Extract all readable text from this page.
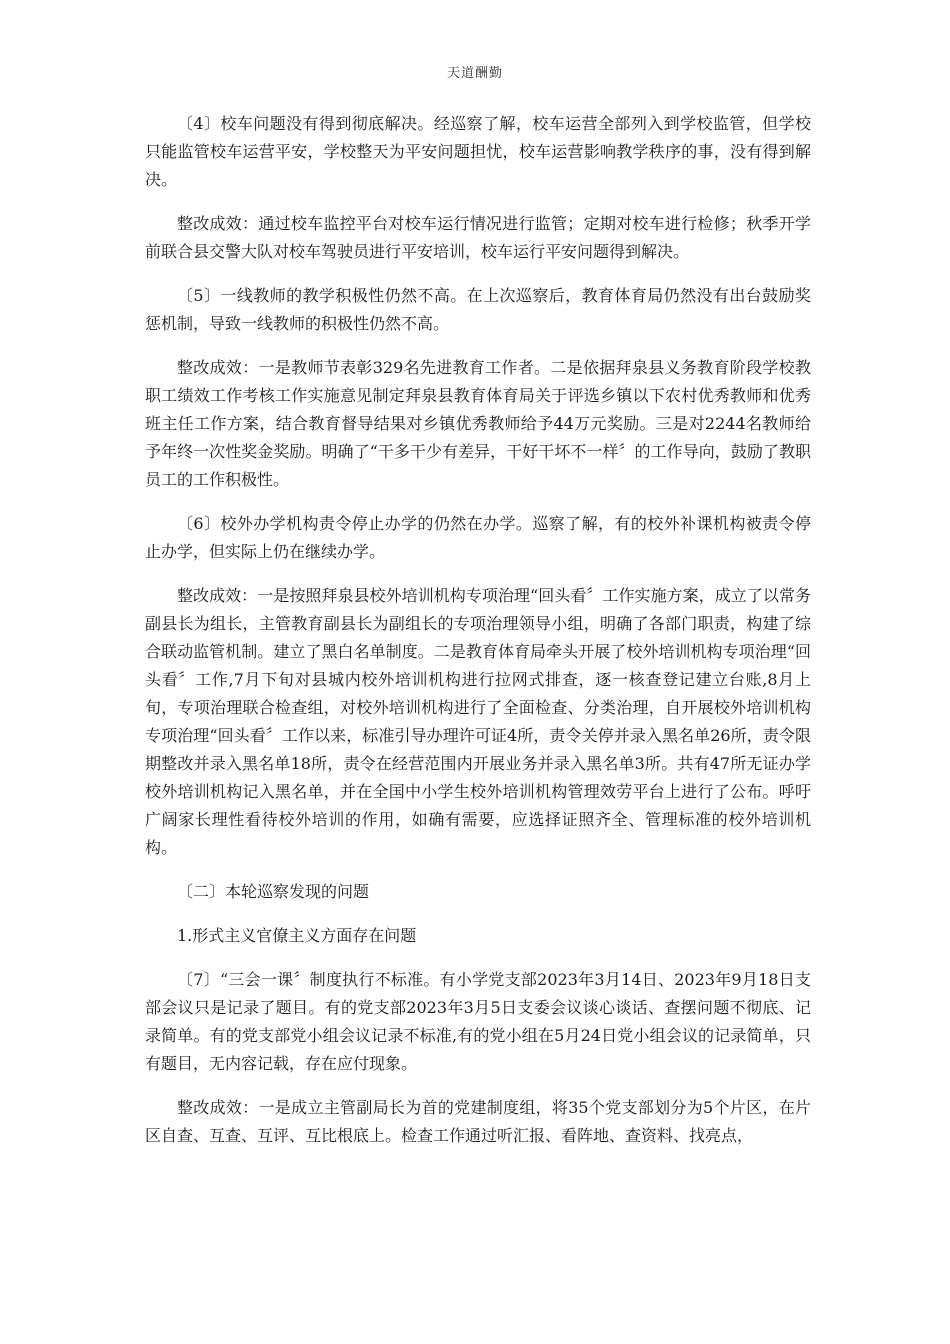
天道酬勤

〔4〕校车问题没有得到彻底解决。经巡察了解，校车运营全部列入到学校监管，但学校只能监管校车运营平安，学校整天为平安问题担忧，校车运营影响教学秩序的事，没有得到解决。

整改成效：通过校车监控平台对校车运行情况进行监管；定期对校车进行检修；秋季开学前联合县交警大队对校车驾驶员进行平安培训，校车运行平安问题得到解决。

〔5〕一线教师的教学积极性仍然不高。在上次巡察后，教育体育局仍然没有出台鼓励奖惩机制，导致一线教师的积极性仍然不高。

整改成效：一是教师节表彰329名先进教育工作者。二是依据拜泉县义务教育阶段学校教职工绩效工作考核工作实施意见制定拜泉县教育体育局关于评选乡镇以下农村优秀教师和优秀班主任工作方案，结合教育督导结果对乡镇优秀教师给予44万元奖励。三是对2244名教师给予年终一次性奖金奖励。明确了“干多干少有差异，干好干坏不一样〞的工作导向，鼓励了教职员工的工作积极性。

〔6〕校外办学机构责令停止办学的仍然在办学。巡察了解，有的校外补课机构被责令停止办学，但实际上仍在继续办学。

整改成效：一是按照拜泉县校外培训机构专项治理“回头看〞工作实施方案，成立了以常务副县长为组长，主管教育副县长为副组长的专项治理领导小组，明确了各部门职责，构建了综合联动监管机制。建立了黑白名单制度。二是教育体育局牵头开展了校外培训机构专项治理“回头看〞工作,7月下旬对县城内校外培训机构进行拉网式排查，逐一核查登记建立台账,8月上旬，专项治理联合检查组，对校外培训机构进行了全面检查、分类治理，自开展校外培训机构专项治理“回头看〞工作以来，标准引导办理许可证4所，责令关停并录入黑名单26所，责令限期整改并录入黑名单18所，责令在经营范围内开展业务并录入黑名单3所。共有47所无证办学校外培训机构记入黑名单，并在全国中小学生校外培训机构管理效劳平台上进行了公布。呼吁广阔家长理性看待校外培训的作用，如确有需要，应选择证照齐全、管理标准的校外培训机构。

〔二〕本轮巡察发现的问题

1.形式主义官僚主义方面存在问题

〔7〕“三会一课〞制度执行不标准。有小学党支部2023年3月14日、2023年9月18日支部会议只是记录了题目。有的党支部2023年3月5日支委会议谈心谈话、查摆问题不彻底、记录简单。有的党支部党小组会议记录不标准,有的党小组在5月24日党小组会议的记录简单，只有题目，无内容记载，存在应付现象。

整改成效：一是成立主管副局长为首的党建制度组，将35个党支部划分为5个片区，在片区自查、互查、互评、互比根底上。检查工作通过听汇报、看阵地、查资料、找亮点，
